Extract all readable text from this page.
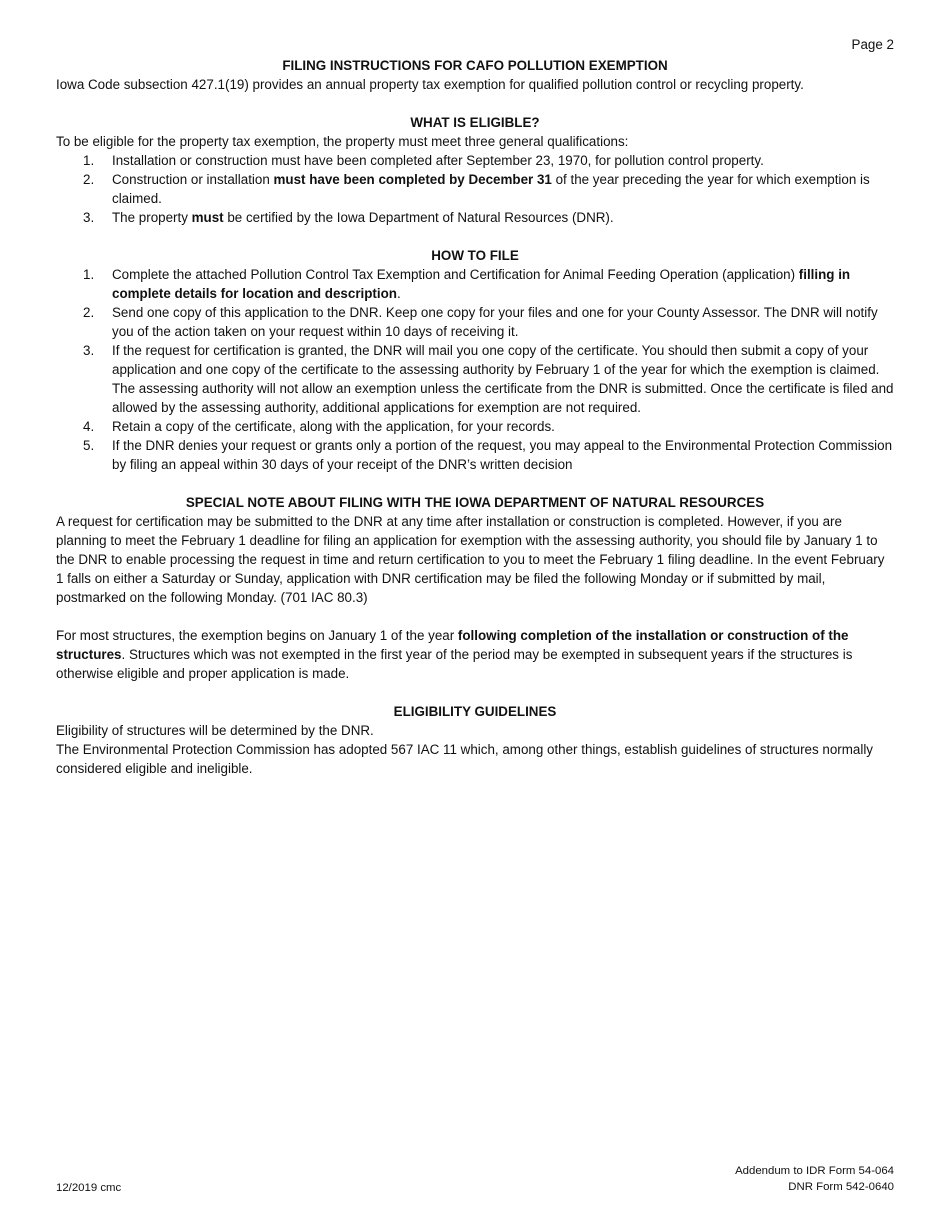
Page 2
FILING INSTRUCTIONS FOR CAFO POLLUTION EXEMPTION

Iowa Code subsection 427.1(19) provides an annual property tax exemption for qualified pollution control or recycling property.

WHAT IS ELIGIBLE?

To be eligible for the property tax exemption, the property must meet three general qualifications:

1. Installation or construction must have been completed after September 23, 1970, for pollution control property.
2. Construction or installation must have been completed by December 31 of the year preceding the year for which exemption is claimed.
3. The property must be certified by the Iowa Department of Natural Resources (DNR).
HOW TO FILE
1. Complete the attached Pollution Control Tax Exemption and Certification for Animal Feeding Operation (application) filling in complete details for location and description.
2. Send one copy of this application to the DNR. Keep one copy for your files and one for your County Assessor. The DNR will notify you of the action taken on your request within 10 days of receiving it.
3. If the request for certification is granted, the DNR will mail you one copy of the certificate. You should then submit a copy of your application and one copy of the certificate to the assessing authority by February 1 of the year for which the exemption is claimed. The assessing authority will not allow an exemption unless the certificate from the DNR is submitted. Once the certificate is filed and allowed by the assessing authority, additional applications for exemption are not required.
4. Retain a copy of the certificate, along with the application, for your records.
5. If the DNR denies your request or grants only a portion of the request, you may appeal to the Environmental Protection Commission by filing an appeal within 30 days of your receipt of the DNR’s written decision
SPECIAL NOTE ABOUT FILING WITH THE IOWA DEPARTMENT OF NATURAL RESOURCES

A request for certification may be submitted to the DNR at any time after installation or construction is completed. However, if you are planning to meet the February 1 deadline for filing an application for exemption with the assessing authority, you should file by January 1 to the DNR to enable processing the request in time and return certification to you to meet the February 1 filing deadline. In the event February 1 falls on either a Saturday or Sunday, application with DNR certification may be filed the following Monday or if submitted by mail, postmarked on the following Monday. (701 IAC 80.3)

For most structures, the exemption begins on January 1 of the year following completion of the installation or construction of the structures. Structures which was not exempted in the first year of the period may be exempted in subsequent years if the structures is otherwise eligible and proper application is made.

ELIGIBILITY GUIDELINES

Eligibility of structures will be determined by the DNR.

The Environmental Protection Commission has adopted 567 IAC 11 which, among other things, establish guidelines of structures normally considered eligible and ineligible.

12/2019 cmc
Addendum to IDR Form 54-064
DNR Form 542-0640
